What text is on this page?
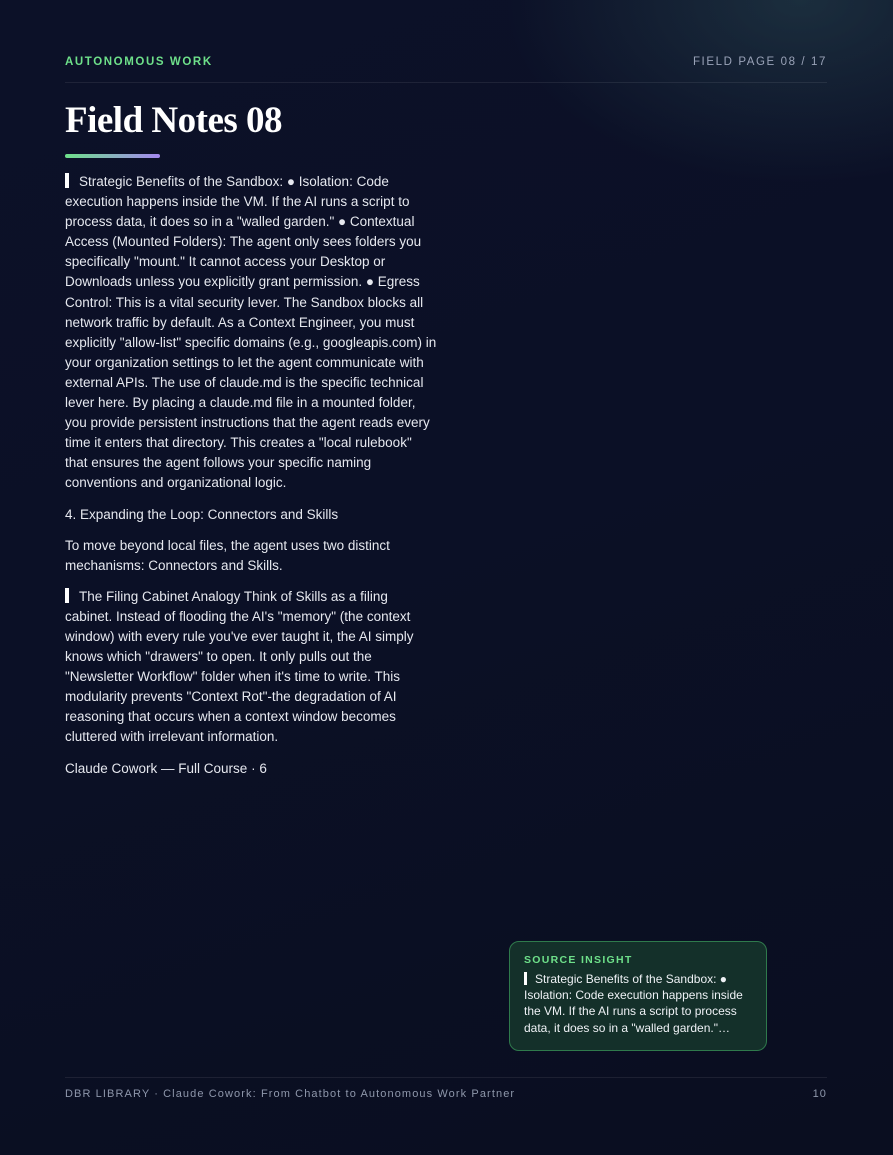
AUTONOMOUS WORK	FIELD PAGE 08 / 17
Field Notes 08

Strategic Benefits of the Sandbox: ● Isolation: Code execution happens inside the VM. If the AI runs a script to process data, it does so in a "walled garden." ● Contextual Access (Mounted Folders): The agent only sees folders you specifically "mount." It cannot access your Desktop or Downloads unless you explicitly grant permission. ● Egress Control: This is a vital security lever. The Sandbox blocks all network traffic by default. As a Context Engineer, you must explicitly "allow-list" specific domains (e.g., googleapis.com) in your organization settings to let the agent communicate with external APIs. The use of claude.md is the specific technical lever here. By placing a claude.md file in a mounted folder, you provide persistent instructions that the agent reads every time it enters that directory. This creates a "local rulebook" that ensures the agent follows your specific naming conventions and organizational logic.

4. Expanding the Loop: Connectors and Skills

To move beyond local files, the agent uses two distinct mechanisms: Connectors and Skills.

The Filing Cabinet Analogy Think of Skills as a filing cabinet. Instead of flooding the AI's "memory" (the context window) with every rule you've ever taught it, the AI simply knows which "drawers" to open. It only pulls out the "Newsletter Workflow" folder when it's time to write. This modularity prevents "Context Rot"-the degradation of AI reasoning that occurs when a context window becomes cluttered with irrelevant information.

Claude Cowork — Full Course · 6

SOURCE INSIGHT
Strategic Benefits of the Sandbox: ● Isolation: Code execution happens inside the VM. If the AI runs a script to process data, it does so in a "walled garden."…
DBR LIBRARY · Claude Cowork: From Chatbot to Autonomous Work Partner	10
